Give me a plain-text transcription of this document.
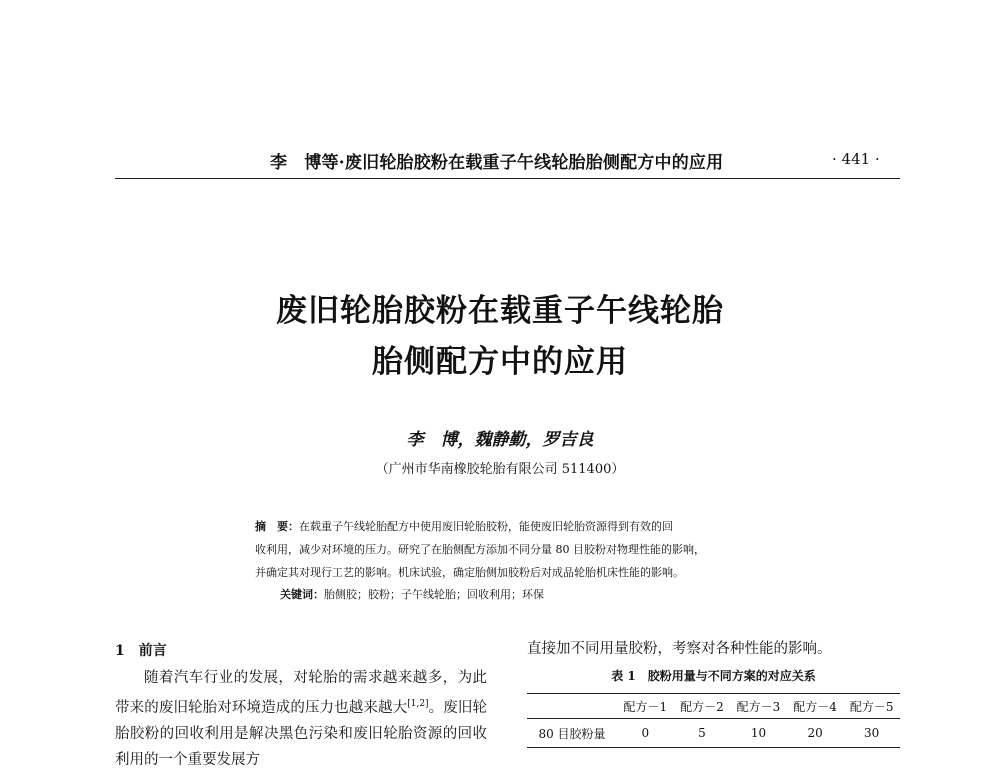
李　博等·废旧轮胎胶粉在载重子午线轮胎胎侧配方中的应用	· 441 ·
废旧轮胎胶粉在载重子午线轮胎
胎侧配方中的应用
李　博，魏静勤，罗吉良
（广州市华南橡胶轮胎有限公司 511400）
摘　要：在载重子午线轮胎配方中使用废旧轮胎胶粉，能使废旧轮胎资源得到有效的回
收利用，减少对环境的压力。研究了在胎侧配方添加不同分量 80 目胶粉对物理性能的影响，
并确定其对现行工艺的影响。机床试验，确定胎侧加胶粉后对成品轮胎机床性能的影响。
关键词：胎侧胶；胶粉；子午线轮胎；回收利用；环保
1　前言

随着汽车行业的发展，对轮胎的需求越来越多，为此带来的废旧轮胎对环境造成的压力也越来越大[1,2]。废旧轮胎胶粉的回收利用是解决黑色污染和废旧轮胎资源的回收利用的一个重要发展方

直接加不同用量胶粉，考察对各种性能的影响。
表 1　胶粉用量与不同方案的对应关系
	配方－1	配方－2	配方－3	配方－4	配方－5
80 目胶粉量	0	5	10	20	30
